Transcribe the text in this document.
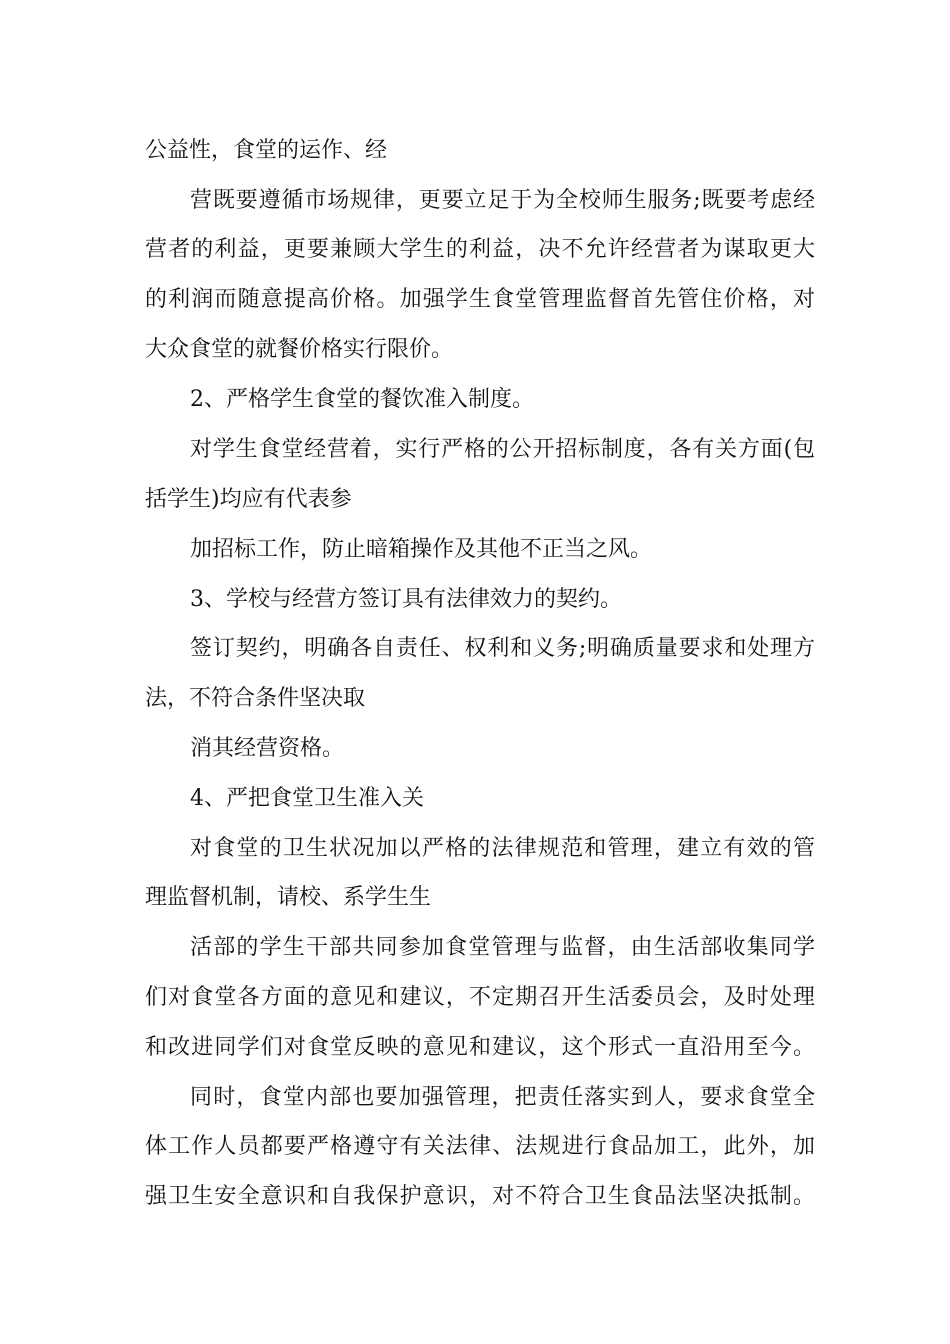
公益性，食堂的运作、经
营既要遵循市场规律，更要立足于为全校师生服务;既要考虑经
营者的利益，更要兼顾大学生的利益，决不允许经营者为谋取更大
的利润而随意提高价格。加强学生食堂管理监督首先管住价格，对
大众食堂的就餐价格实行限价。
2、严格学生食堂的餐饮准入制度。
对学生食堂经营着，实行严格的公开招标制度，各有关方面(包
括学生)均应有代表参
加招标工作，防止暗箱操作及其他不正当之风。
3、学校与经营方签订具有法律效力的契约。
签订契约，明确各自责任、权利和义务;明确质量要求和处理方
法，不符合条件坚决取
消其经营资格。
4、严把食堂卫生准入关
对食堂的卫生状况加以严格的法律规范和管理，建立有效的管
理监督机制，请校、系学生生
活部的学生干部共同参加食堂管理与监督，由生活部收集同学
们对食堂各方面的意见和建议，不定期召开生活委员会，及时处理
和改进同学们对食堂反映的意见和建议，这个形式一直沿用至今。
同时，食堂内部也要加强管理，把责任落实到人，要求食堂全
体工作人员都要严格遵守有关法律、法规进行食品加工，此外，加
强卫生安全意识和自我保护意识，对不符合卫生食品法坚决抵制。
